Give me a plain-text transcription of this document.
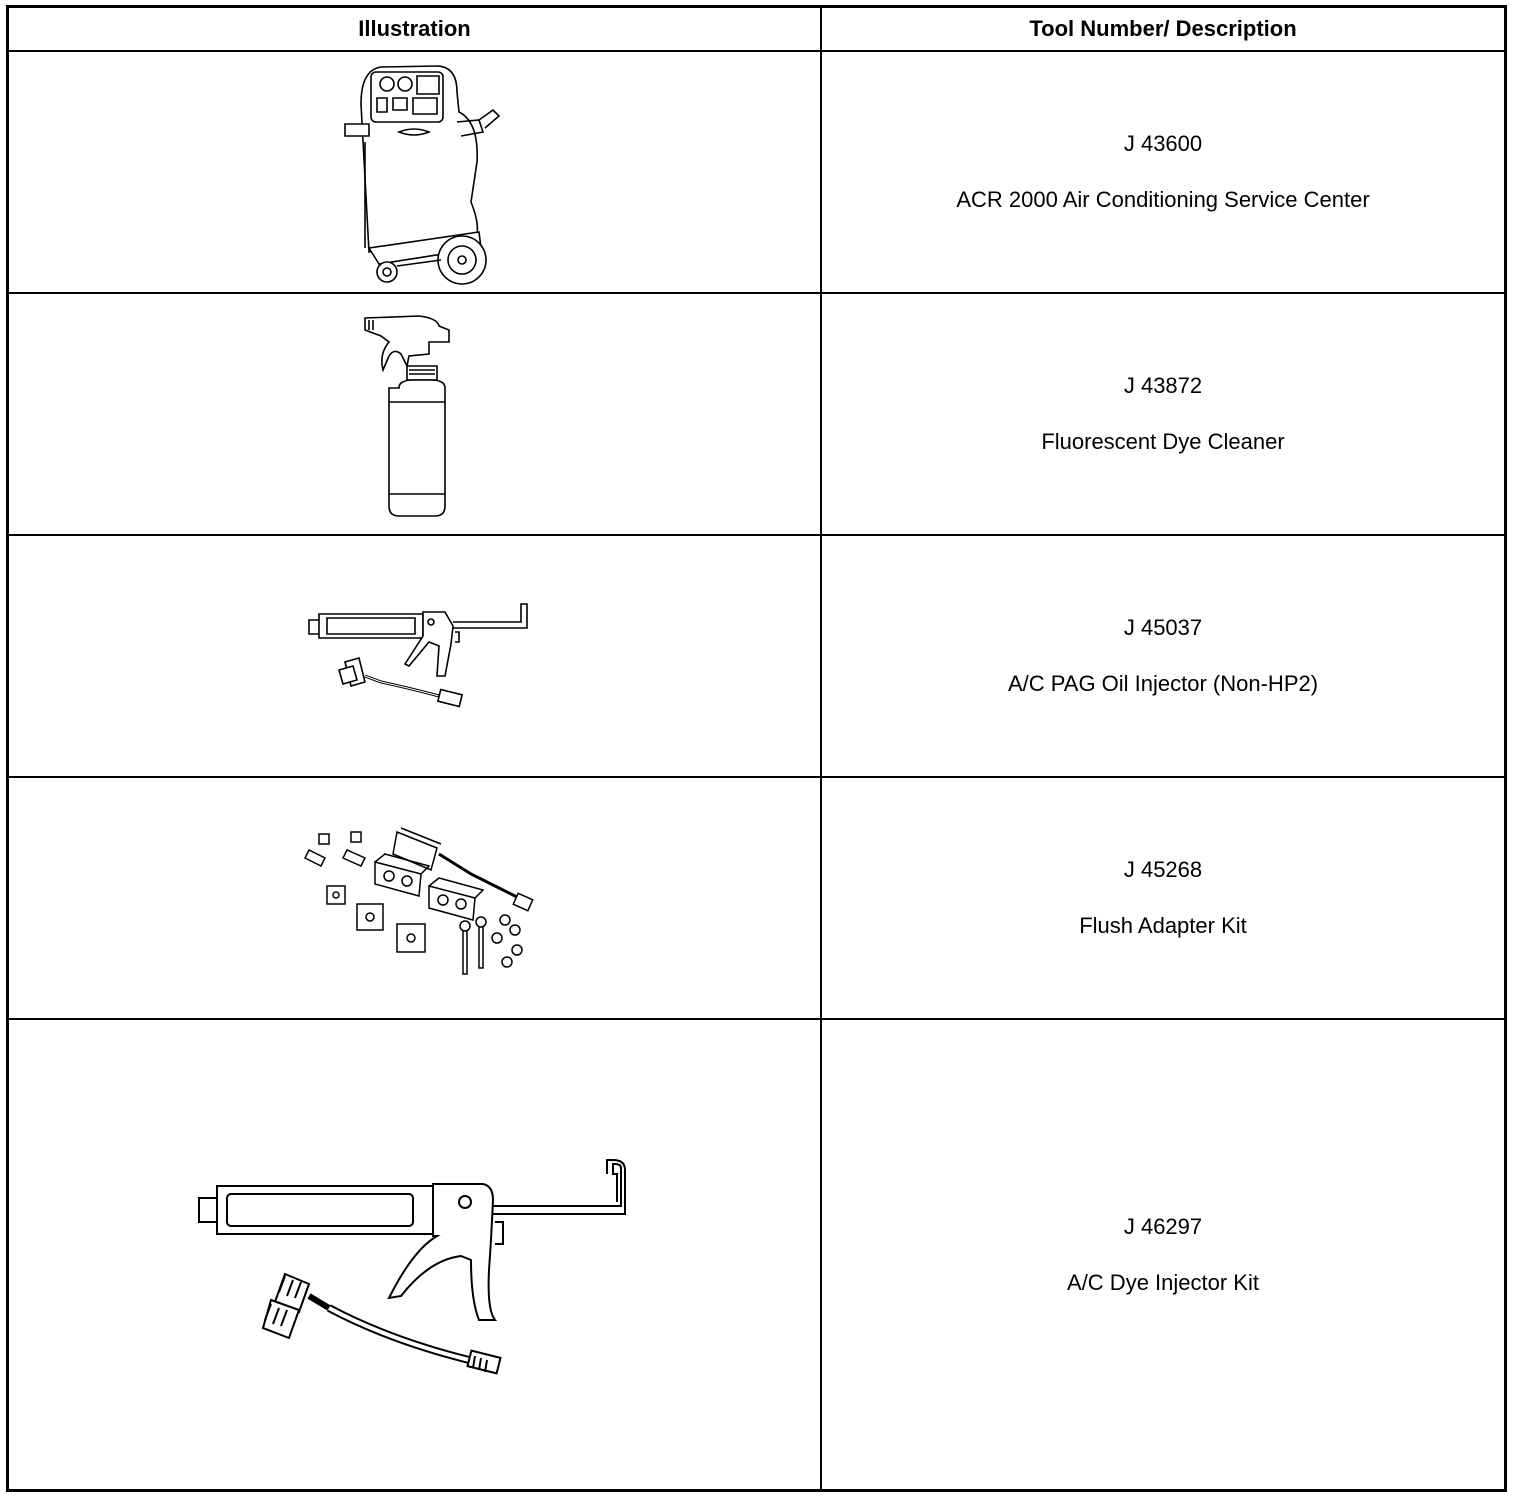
Illustration	Tool Number/ Description
J 43600
ACR 2000 Air Conditioning Service Center
J 43872
Fluorescent Dye Cleaner
J 45037
A/C PAG Oil Injector (Non-HP2)
J 45268
Flush Adapter Kit
J 46297
A/C Dye Injector Kit
